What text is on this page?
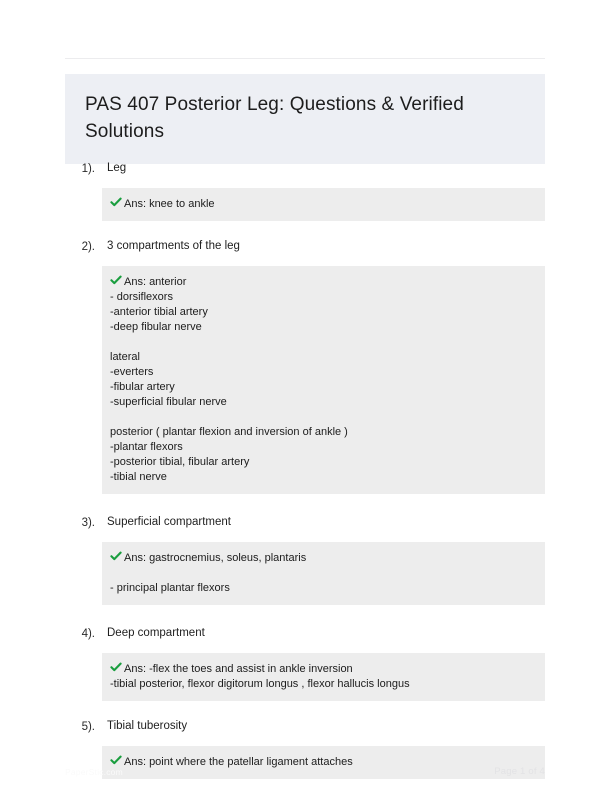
PAS 407 Posterior Leg: Questions & Verified Solutions
1).	Leg
Ans: knee to ankle
2).	3 compartments of the leg
Ans: anterior
- dorsiflexors
-anterior tibial artery
-deep fibular nerve
lateral
-everters
-fibular artery
-superficial fibular nerve
posterior ( plantar flexion and inversion of ankle )
-plantar flexors
-posterior tibial, fibular artery
-tibial nerve
3).	Superficial compartment
Ans: gastrocnemius, soleus, plantaris
- principal plantar flexors
4).	Deep compartment
Ans: -flex the toes and assist in ankle inversion
-tibial posterior, flexor digitorum longus , flexor hallucis longus
5).	Tibial tuberosity
Ans: point where the patellar ligament attaches
PaperStic.com	Page 1 of 4
